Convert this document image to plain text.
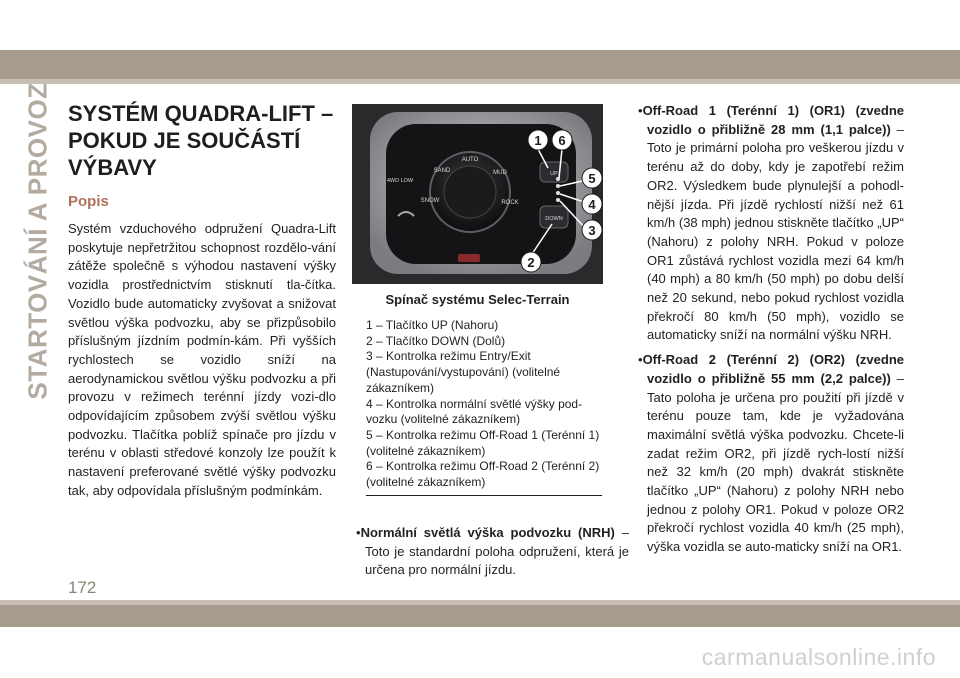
STARTOVÁNÍ A PROVOZ SYSTÉM QUADRA-LIFT –
POKUD JE SOUČÁSTÍ
VÝBAVY
Popis

Systém vzduchového odpružení Quadra-Lift poskytuje nepřetržitou schopnost rozdělo-vání zátěže společně s výhodou nastavení výšky vozidla prostřednictvím stisknutí tla-čítka. Vozidlo bude automaticky zvyšovat a snižovat světlou výška podvozku, aby se přizpůsobilo příslušným jízdním podmín-kám. Při vyšších rychlostech se vozidlo sníží na aerodynamickou světlou výšku podvozku a při provozu v režimech terénní jízdy vozi-dlo odpovídajícím způsobem zvýší světlou výšku podvozku. Tlačítka poblíž spínače pro jízdu v terénu v oblasti středové konzoly lze použít k nastavení preferované světlé výšky podvozku tak, aby odpovídala příslušným podmínkám.

AUTO
SAND	MUD
SNOW	ROCK
4WD LOW
UP
DOWN
1 6
5
4
3
2
Spínač systému Selec-Terrain
1 – Tlačítko UP (Nahoru)
2 – Tlačítko DOWN (Dolů)
3 – Kontrolka režimu Entry/Exit (Nastupování/vystupování) (volitelné zákazníkem)
4 – Kontrolka normální světlé výšky pod-vozku (volitelné zákazníkem)
5 – Kontrolka režimu Off-Road 1 (Terénní 1) (volitelné zákazníkem)
6 – Kontrolka režimu Off-Road 2 (Terénní 2) (volitelné zákazníkem)
•Normální světlá výška podvozku (NRH) – Toto je standardní poloha odpružení, která je určena pro normální jízdu.
•Off-Road 1 (Terénní 1) (OR1) (zvedne vozidlo o přibližně 28 mm (1,1 palce)) – Toto je primární poloha pro veškerou jízdu v terénu až do doby, kdy je zapotřebí režim OR2. Výsledkem bude plynulejší a pohodl-nější jízda. Při jízdě rychlostí nižší než 61 km/h (38 mph) jednou stiskněte tlačítko „UP“ (Nahoru) z polohy NRH. Pokud v poloze OR1 zůstává rychlost vozidla mezi 64 km/h (40 mph) a 80 km/h (50 mph) po dobu delší než 20 sekund, nebo pokud rychlost vozidla překročí 80 km/h (50 mph), vozidlo se automaticky sníží na normální výšku NRH.
•Off-Road 2 (Terénní 2) (OR2) (zvedne vozidlo o přibližně 55 mm (2,2 palce)) – Tato poloha je určena pro použití při jízdě v terénu pouze tam, kde je vyžadována maximální světlá výška podvozku. Chcete-li zadat režim OR2, při jízdě rych-lostí nižší než 32 km/h (20 mph) dvakrát stiskněte tlačítko „UP“ (Nahoru) z polohy NRH nebo jednou z polohy OR1. Pokud v poloze OR2 překročí rychlost vozidla 40 km/h (25 mph), výška vozidla se auto-maticky sníží na OR1.
172
carmanualsonline.info
